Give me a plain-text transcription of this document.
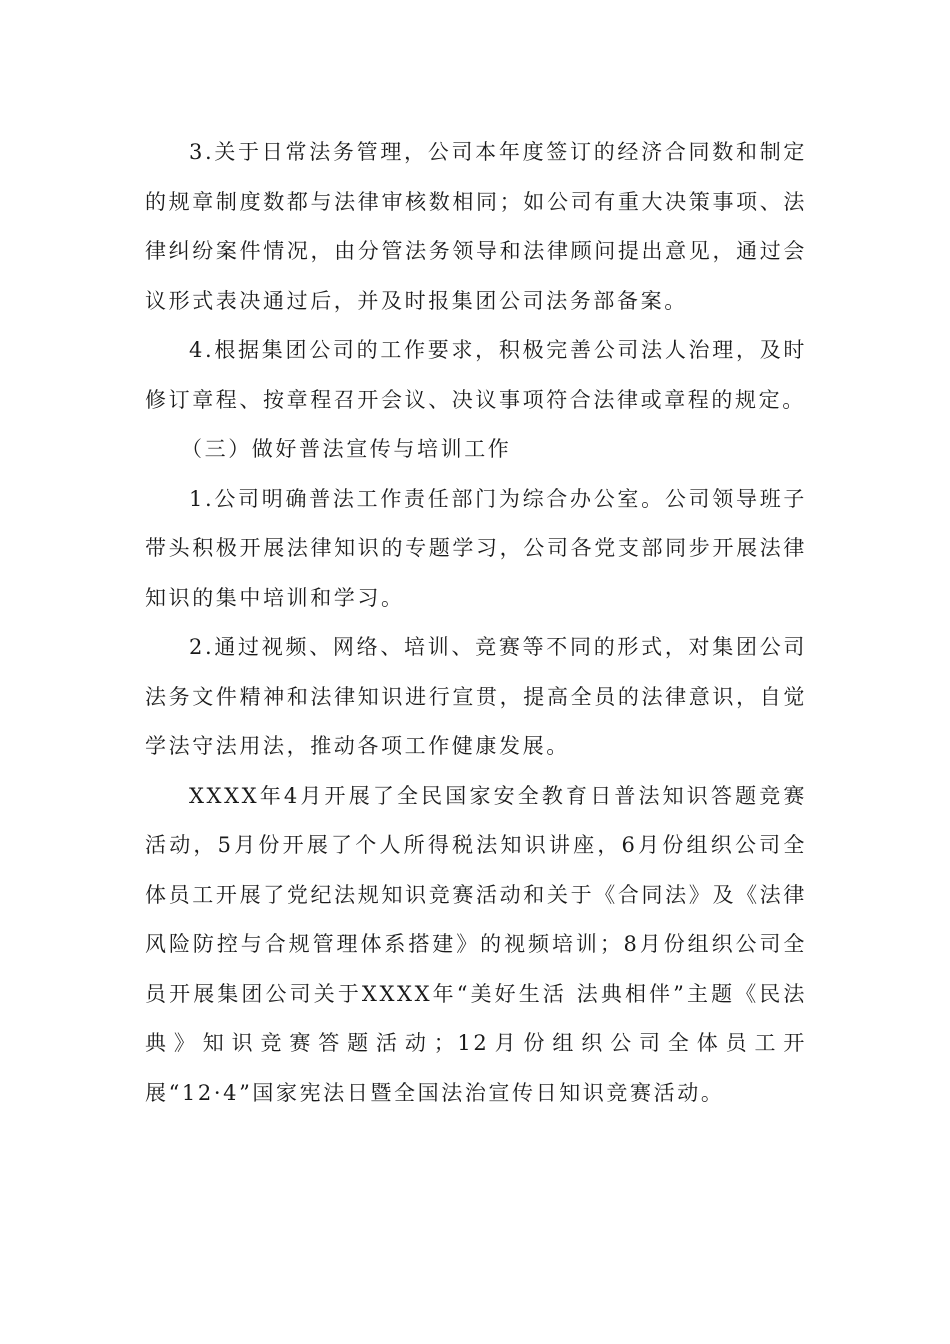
3.关于日常法务管理，公司本年度签订的经济合同数和制定的规章制度数都与法律审核数相同；如公司有重大决策事项、法律纠纷案件情况，由分管法务领导和法律顾问提出意见，通过会议形式表决通过后，并及时报集团公司法务部备案。

4.根据集团公司的工作要求，积极完善公司法人治理，及时修订章程、按章程召开会议、决议事项符合法律或章程的规定。

（三）做好普法宣传与培训工作

1.公司明确普法工作责任部门为综合办公室。公司领导班子带头积极开展法律知识的专题学习，公司各党支部同步开展法律知识的集中培训和学习。

2.通过视频、网络、培训、竞赛等不同的形式，对集团公司法务文件精神和法律知识进行宣贯，提高全员的法律意识，自觉学法守法用法，推动各项工作健康发展。

XXXX年4月开展了全民国家安全教育日普法知识答题竞赛活动，5月份开展了个人所得税法知识讲座，6月份组织公司全体员工开展了党纪法规知识竞赛活动和关于《合同法》及《法律风险防控与合规管理体系搭建》的视频培训；8月份组织公司全员开展集团公司关于XXXX年“美好生活 法典相伴”主题《民法典》知识竞赛答题活动；12月份组织公司全体员工开展“12·4”国家宪法日暨全国法治宣传日知识竞赛活动。
